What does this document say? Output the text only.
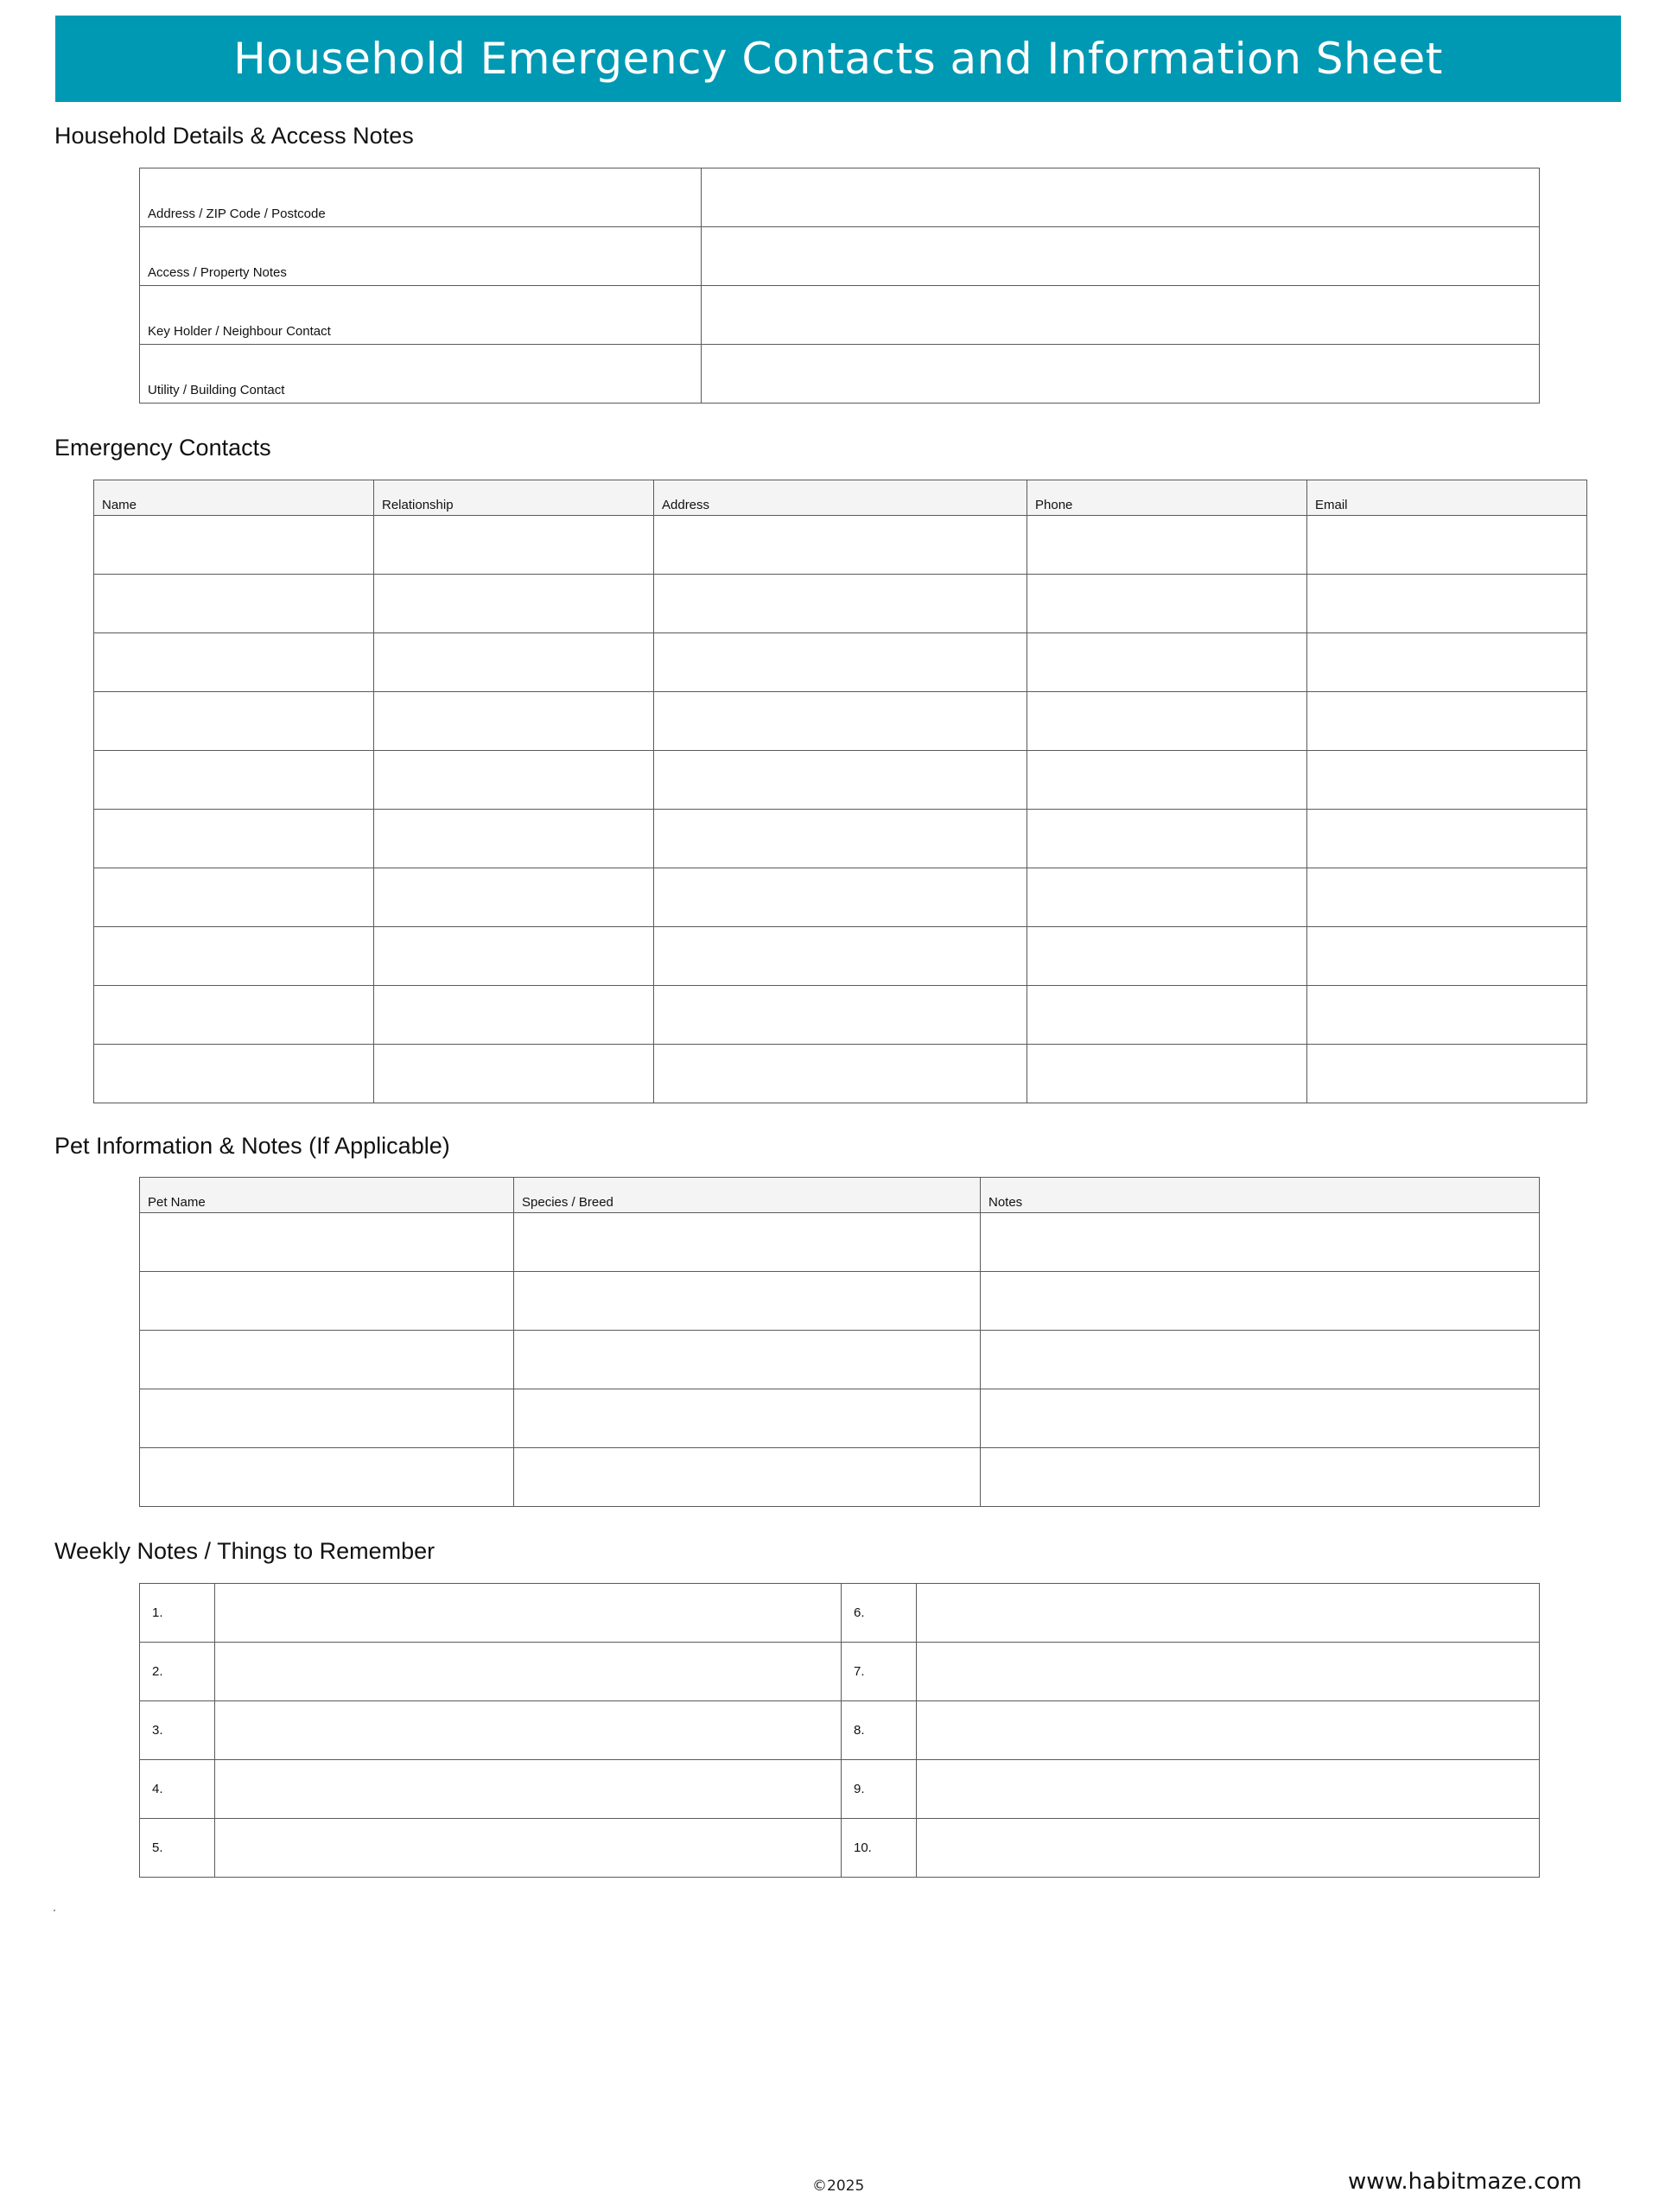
Household Emergency Contacts and Information Sheet
Household Details & Access Notes
Address / ZIP Code / Postcode	
Access / Property Notes	
Key Holder / Neighbour Contact	
Utility / Building Contact	
Emergency Contacts
Name	Relationship	Address	Phone	Email

Pet Information & Notes (If Applicable)
Pet Name	Species / Breed	Notes

Weekly Notes / Things to Remember
1.		6.	
2.		7.	
3.		8.	
4.		9.	
5.		10.	
©2025	www.habitmaze.com
